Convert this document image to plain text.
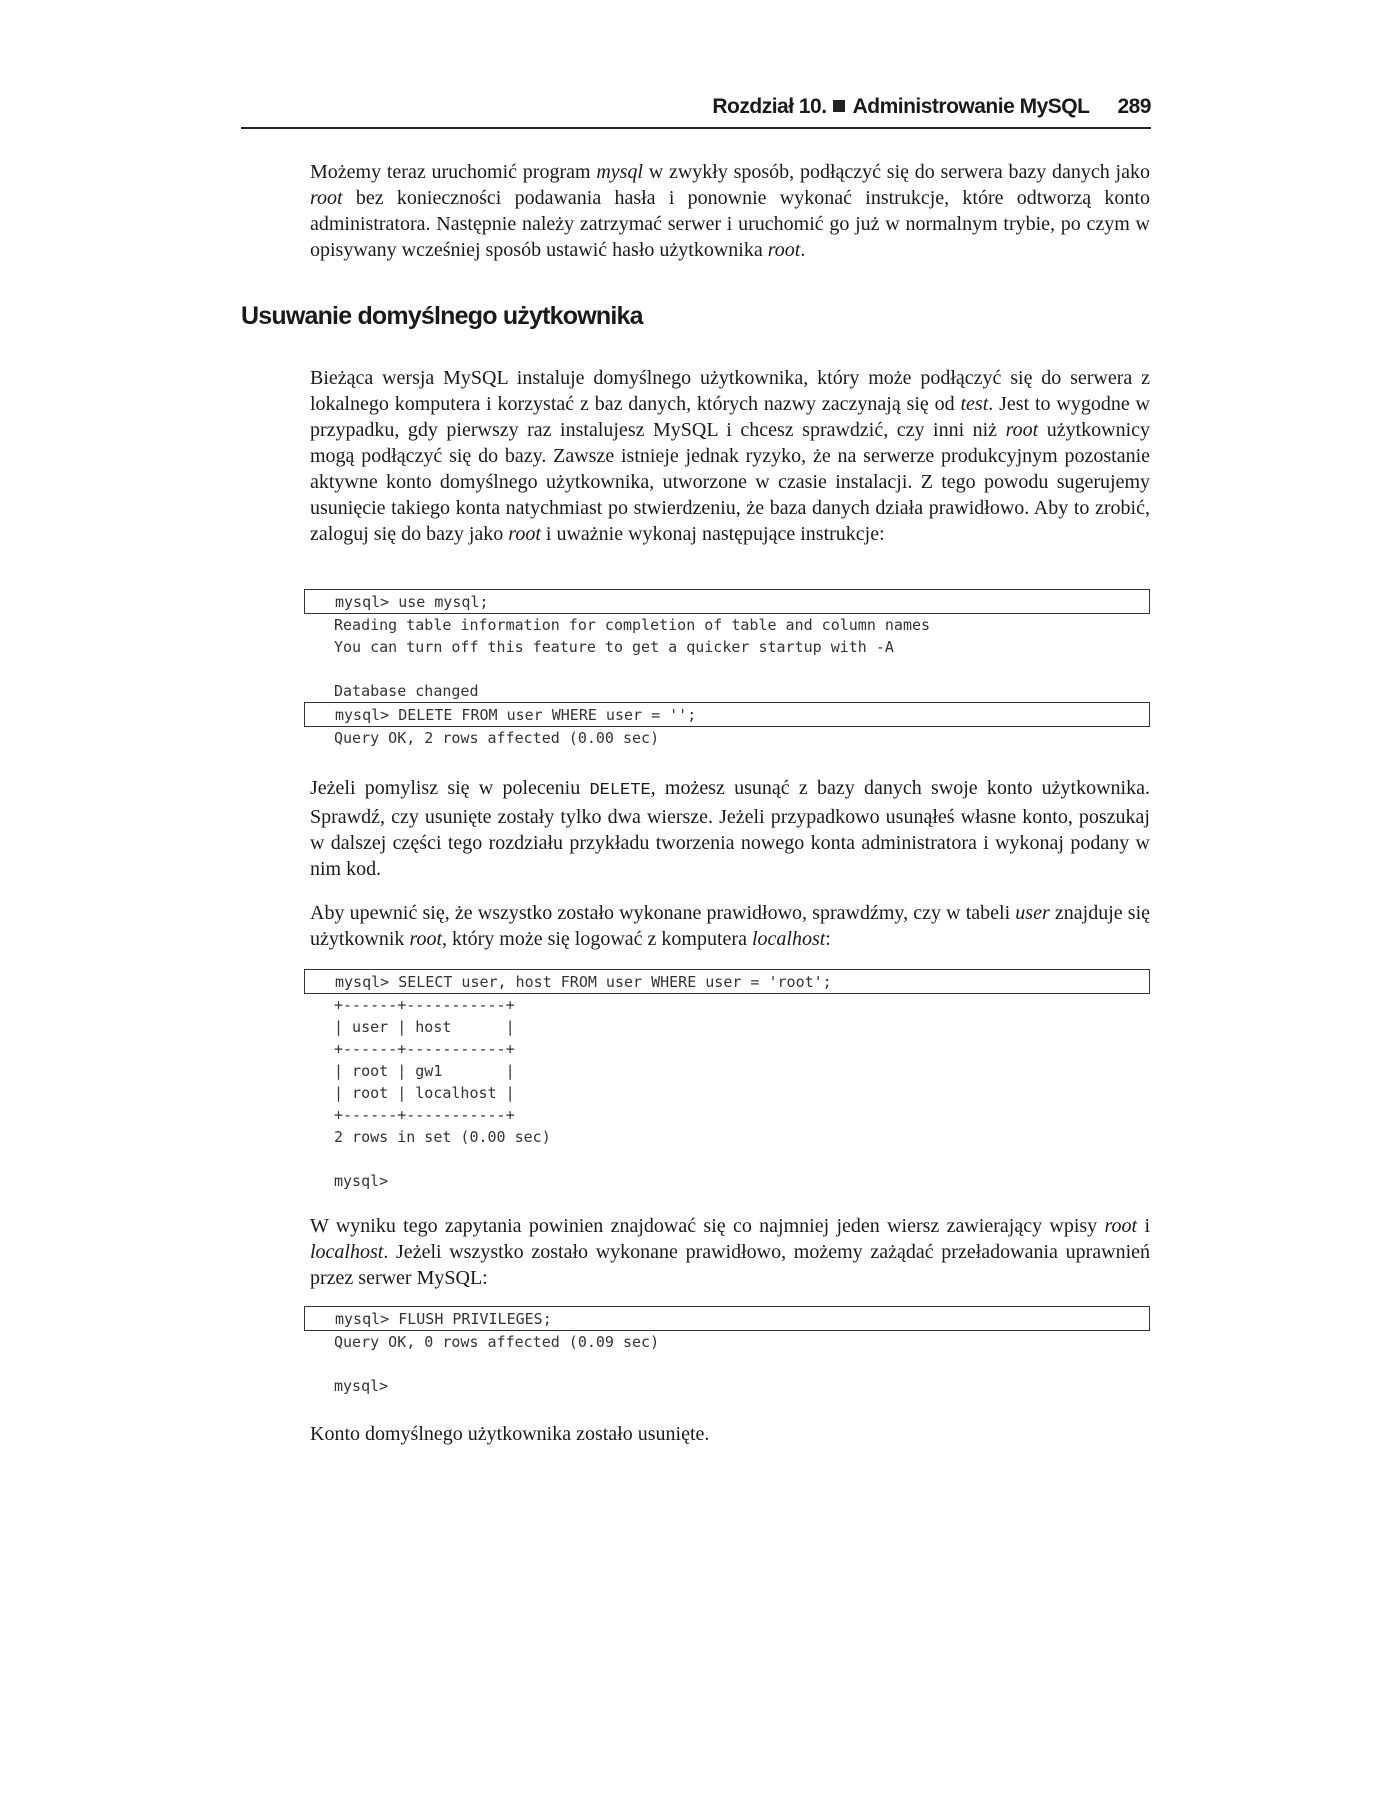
Rozdział 10. Administrowanie MySQL 289

Możemy teraz uruchomić program mysql w zwykły sposób, podłączyć się do serwera bazy danych jako root bez konieczności podawania hasła i ponownie wykonać instrukcje, które odtworzą konto administratora. Następnie należy zatrzymać serwer i uruchomić go już w normalnym trybie, po czym w opisywany wcześniej sposób ustawić hasło użytkownika root.

Usuwanie domyślnego użytkownika

Bieżąca wersja MySQL instaluje domyślnego użytkownika, który może podłączyć się do serwera z lokalnego komputera i korzystać z baz danych, których nazwy zaczynają się od test. Jest to wygodne w przypadku, gdy pierwszy raz instalujesz MySQL i chcesz sprawdzić, czy inni niż root użytkownicy mogą podłączyć się do bazy. Zawsze istnieje jednak ryzyko, że na serwerze produkcyjnym pozostanie aktywne konto domyślnego użytkownika, utworzone w czasie instalacji. Z tego powodu sugerujemy usunięcie takiego konta natychmiast po stwierdzeniu, że baza danych działa prawidłowo. Aby to zrobić, zaloguj się do bazy jako root i uważnie wykonaj następujące instrukcje:

mysql> use mysql;
Reading table information for completion of table and column names
You can turn off this feature to get a quicker startup with -A
Database changed
mysql> DELETE FROM user WHERE user = '';
Query OK, 2 rows affected (0.00 sec)

Jeżeli pomylisz się w poleceniu DELETE, możesz usunąć z bazy danych swoje konto użytkownika. Sprawdź, czy usunięte zostały tylko dwa wiersze. Jeżeli przypadkowo usunąłeś własne konto, poszukaj w dalszej części tego rozdziału przykładu tworzenia nowego konta administratora i wykonaj podany w nim kod.

Aby upewnić się, że wszystko zostało wykonane prawidłowo, sprawdźmy, czy w tabeli user znajduje się użytkownik root, który może się logować z komputera localhost:

mysql> SELECT user, host FROM user WHERE user = 'root';
+------+-----------+
| user | host      |
+------+-----------+
| root | gw1       |
| root | localhost |
+------+-----------+
2 rows in set (0.00 sec)
mysql>

W wyniku tego zapytania powinien znajdować się co najmniej jeden wiersz zawierający wpisy root i localhost. Jeżeli wszystko zostało wykonane prawidłowo, możemy zażądać przeładowania uprawnień przez serwer MySQL:

mysql> FLUSH PRIVILEGES;
Query OK, 0 rows affected (0.09 sec)
mysql>

Konto domyślnego użytkownika zostało usunięte.
